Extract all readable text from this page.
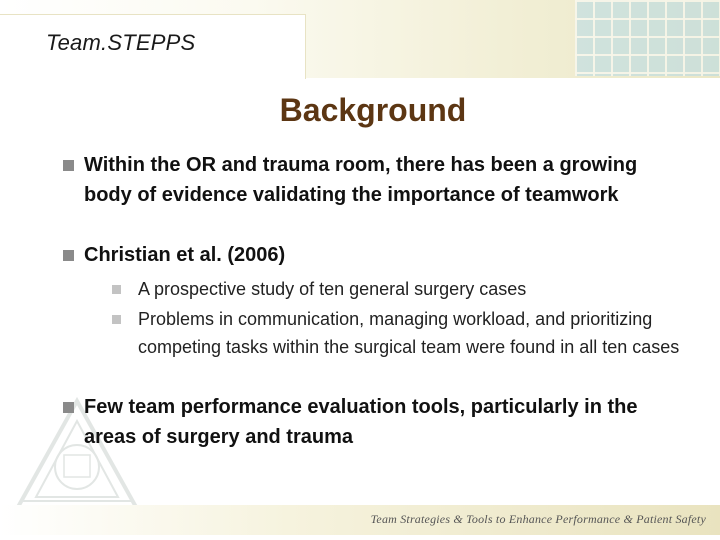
Team.STEPPS
Background
Within the OR and trauma room, there has been a growing body of evidence validating the importance of teamwork
Christian et al. (2006)
A prospective study of ten general surgery cases
Problems in communication, managing workload, and prioritizing competing tasks within the surgical team were found in all ten cases
Few team performance evaluation tools, particularly in the areas of surgery and trauma
Team Strategies & Tools to Enhance Performance & Patient Safety
